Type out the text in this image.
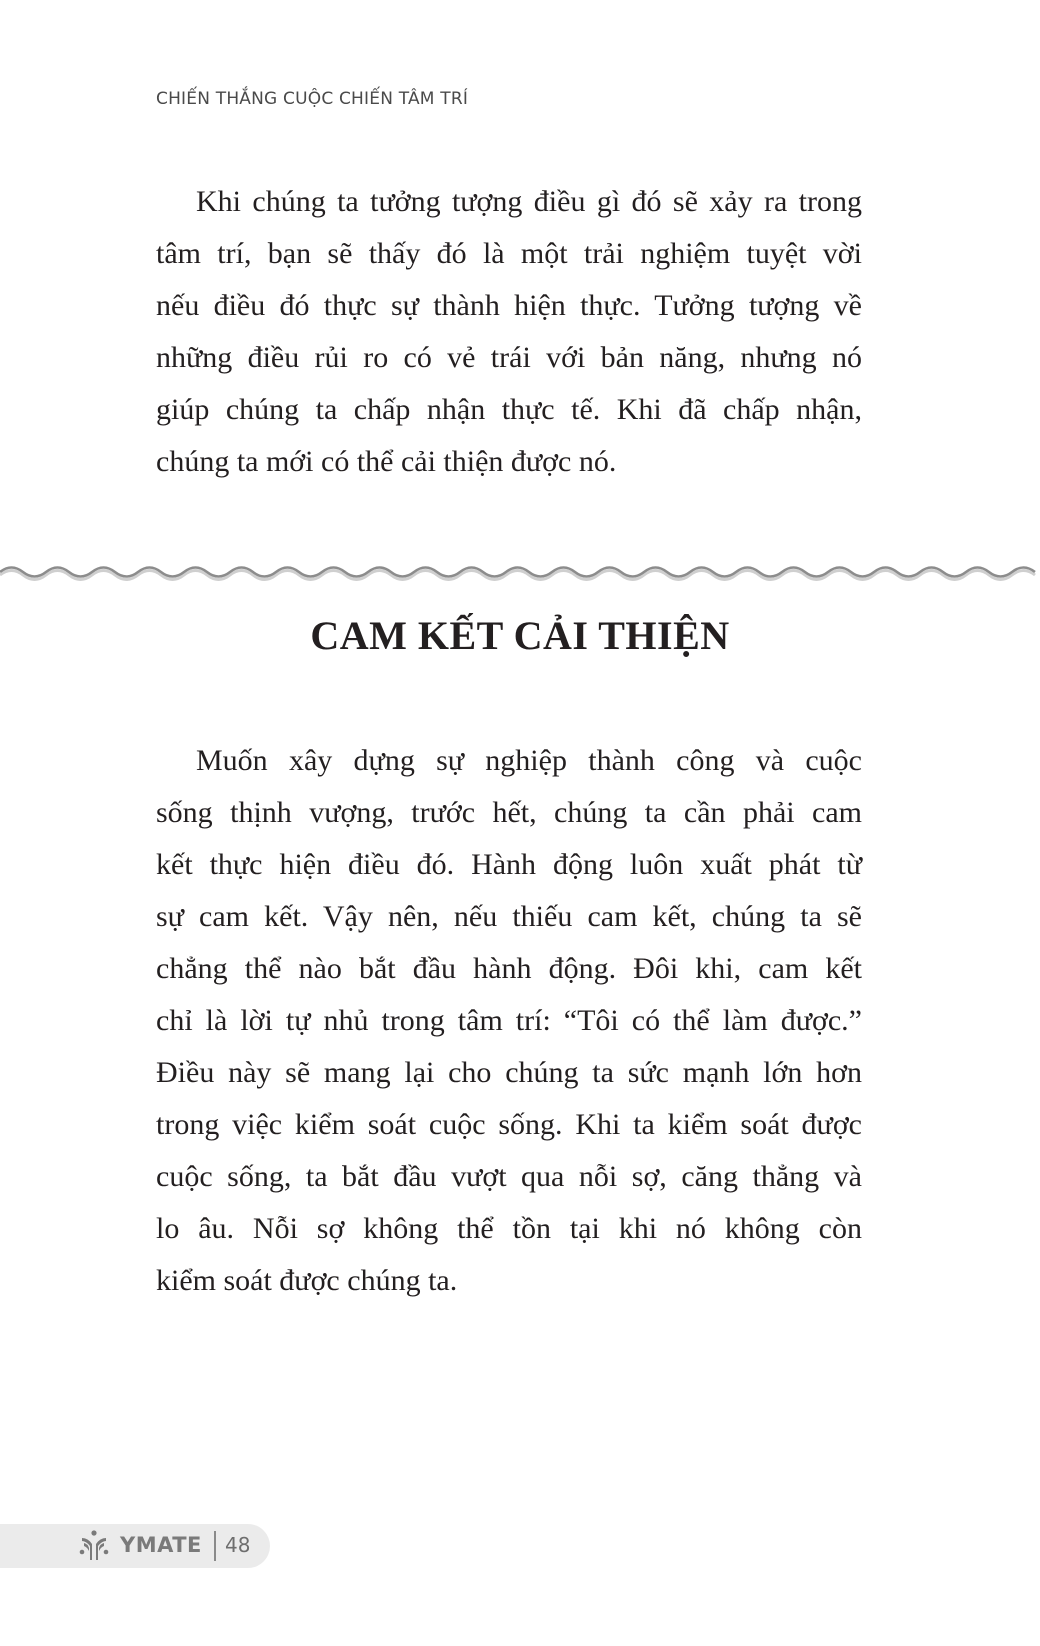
CHIẾN THẮNG CUỘC CHIẾN TÂM TRÍ
Khi chúng ta tưởng tượng điều gì đó sẽ xảy ra trong
tâm trí, bạn sẽ thấy đó là một trải nghiệm tuyệt vời
nếu điều đó thực sự thành hiện thực. Tưởng tượng về
những điều rủi ro có vẻ trái với bản năng, nhưng nó
giúp chúng ta chấp nhận thực tế. Khi đã chấp nhận,
chúng ta mới có thể cải thiện được nó.
CAM KẾT CẢI THIỆN
Muốn xây dựng sự nghiệp thành công và cuộc
sống thịnh vượng, trước hết, chúng ta cần phải cam
kết thực hiện điều đó. Hành động luôn xuất phát từ
sự cam kết. Vậy nên, nếu thiếu cam kết, chúng ta sẽ
chẳng thể nào bắt đầu hành động. Đôi khi, cam kết
chỉ là lời tự nhủ trong tâm trí: “Tôi có thể làm được.”
Điều này sẽ mang lại cho chúng ta sức mạnh lớn hơn
trong việc kiểm soát cuộc sống. Khi ta kiểm soát được
cuộc sống, ta bắt đầu vượt qua nỗi sợ, căng thẳng và
lo âu. Nỗi sợ không thể tồn tại khi nó không còn
kiểm soát được chúng ta.
YMATE 48
